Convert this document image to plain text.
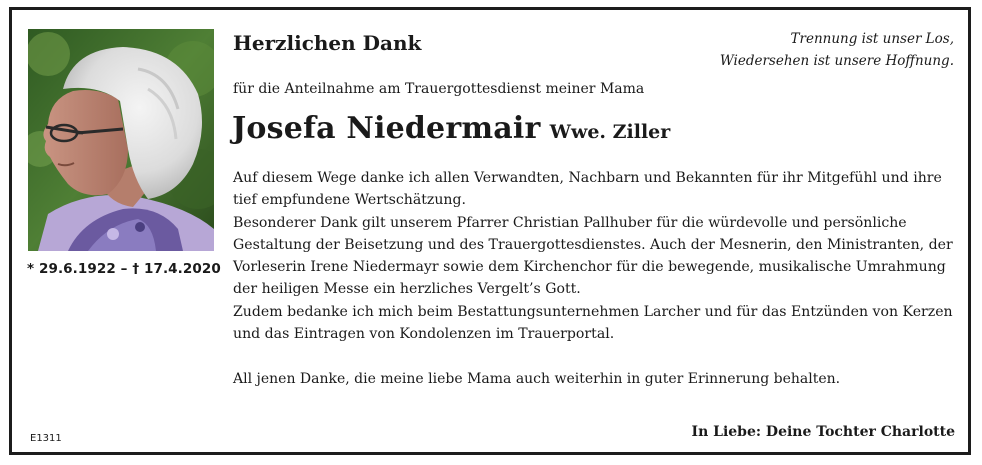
* 29.6.1922 – † 17.4.2020
Herzlichen Dank	Trennung ist unser Los,
Wiedersehen ist unsere Hoffnung.
für die Anteilnahme am Trauergottesdienst meiner Mama
Josefa Niedermair Wwe. Ziller

Auf diesem Wege danke ich allen Verwandten, Nachbarn und Bekannten für ihr Mitgefühl und ihre tief empfundene Wertschätzung.

Besonderer Dank gilt unserem Pfarrer Christian Pallhuber für die würdevolle und persönliche Gestaltung der Beisetzung und des Trauergottesdienstes. Auch der Mesnerin, den Ministranten, der Vorleserin Irene Niedermayr sowie dem Kirchenchor für die bewegende, musikalische Umrahmung der heiligen Messe ein herzliches Vergelt’s Gott.

Zudem bedanke ich mich beim Bestattungsunternehmen Larcher und für das Entzünden von Kerzen und das Eintragen von Kondolenzen im Trauerportal.

All jenen Danke, die meine liebe Mama auch weiterhin in guter Erinnerung behalten.
E1311	In Liebe: Deine Tochter Charlotte
